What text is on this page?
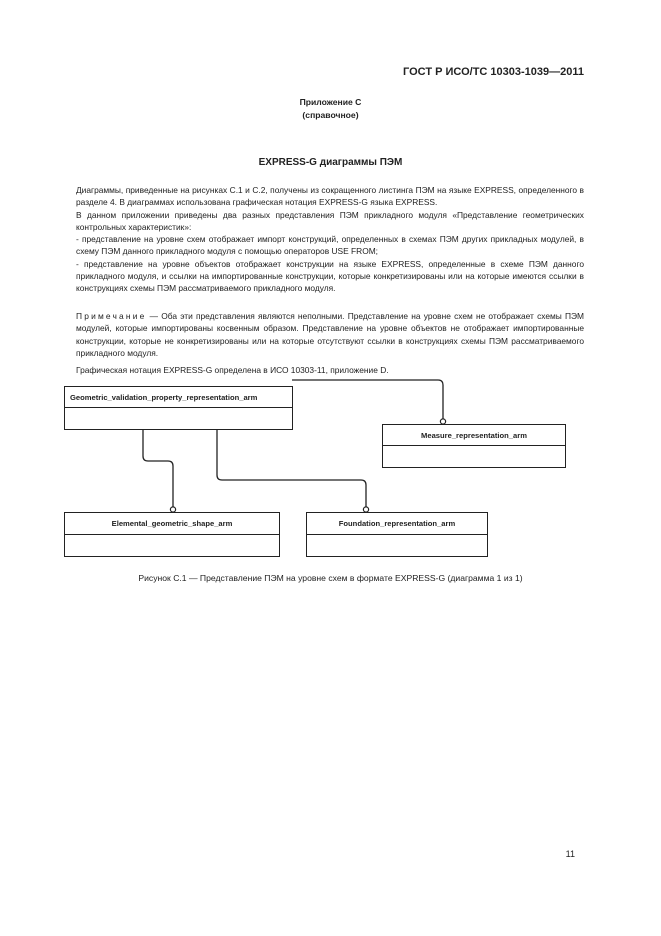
ГОСТ Р ИСО/ТС 10303-1039—2011
Приложение С
(справочное)
EXPRESS-G диаграммы ПЭМ

Диаграммы, приведенные на рисунках С.1 и С.2, получены из сокращенного листинга ПЭМ на языке EXPRESS, определенного в разделе 4. В диаграммах использована графическая нотация EXPRESS-G языка EXPRESS.

В данном приложении приведены два разных представления ПЭМ прикладного модуля «Представление геометрических контрольных характеристик»:

- представление на уровне схем отображает импорт конструкций, определенных в схемах ПЭМ других прикладных модулей, в схему ПЭМ данного прикладного модуля с помощью операторов USE FROM;

- представление на уровне объектов отображает конструкции на языке EXPRESS, определенные в схеме ПЭМ данного прикладного модуля, и ссылки на импортированные конструкции, которые конкретизированы или на которые имеются ссылки в конструкциях схемы ПЭМ рассматриваемого прикладного модуля.

Примечание — Оба эти представления являются неполными. Представление на уровне схем не отображает схемы ПЭМ модулей, которые импортированы косвенным образом. Представление на уровне объектов не отображает импортированные конструкции, которые не конкретизированы или на которые отсутствуют ссылки в конструкциях схемы ПЭМ рассматриваемого прикладного модуля.

Графическая нотация EXPRESS-G определена в ИСО 10303-11, приложение D.

Geometric_validation_property_representation_arm
Measure_representation_arm
Elemental_geometric_shape_arm	Foundation_representation_arm
Рисунок С.1 — Представление ПЭМ на уровне схем в формате EXPRESS-G (диаграмма 1 из 1)
11
